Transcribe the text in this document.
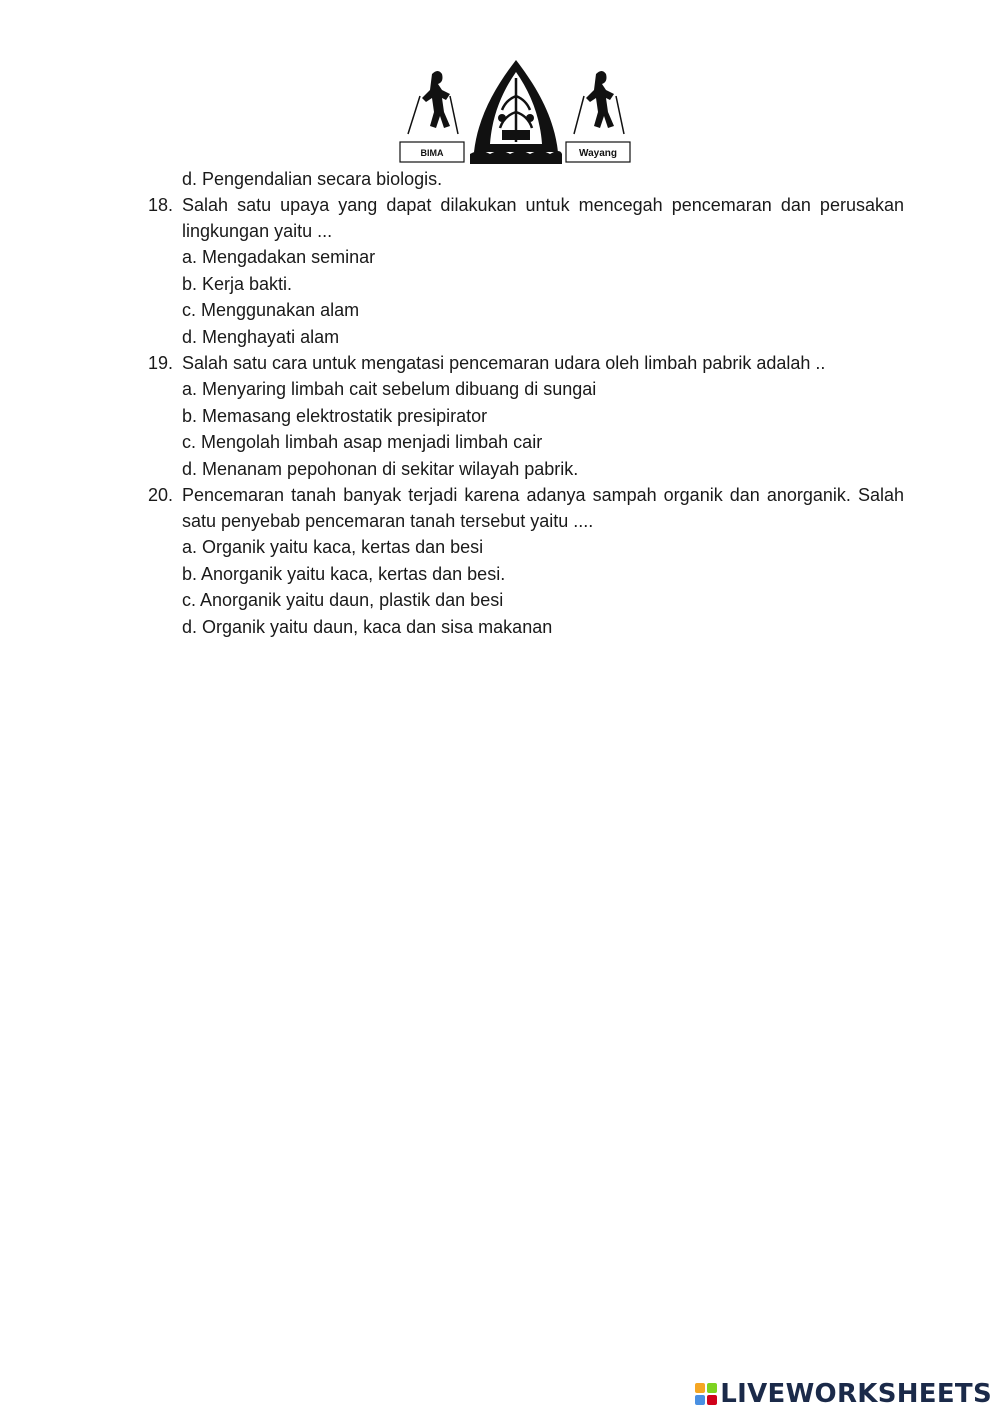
BIMA	Wayang
d. Pengendalian secara biologis.
18. Salah satu upaya yang dapat dilakukan untuk mencegah pencemaran dan perusakan lingkungan yaitu ...
a. Mengadakan seminar
b. Kerja bakti.
c. Menggunakan alam
d. Menghayati alam
19. Salah satu cara untuk mengatasi pencemaran udara oleh limbah pabrik adalah ..
a. Menyaring limbah cait sebelum dibuang di sungai
b. Memasang elektrostatik presipirator
c. Mengolah limbah asap menjadi limbah cair
d. Menanam pepohonan di sekitar wilayah pabrik.
20. Pencemaran tanah banyak terjadi karena adanya sampah organik dan anorganik. Salah satu penyebab pencemaran tanah tersebut yaitu ....
a. Organik yaitu kaca, kertas dan besi
b. Anorganik yaitu kaca, kertas dan besi.
c. Anorganik yaitu daun, plastik dan besi
d. Organik yaitu daun, kaca dan sisa makanan
LIVEWORKSHEETS
